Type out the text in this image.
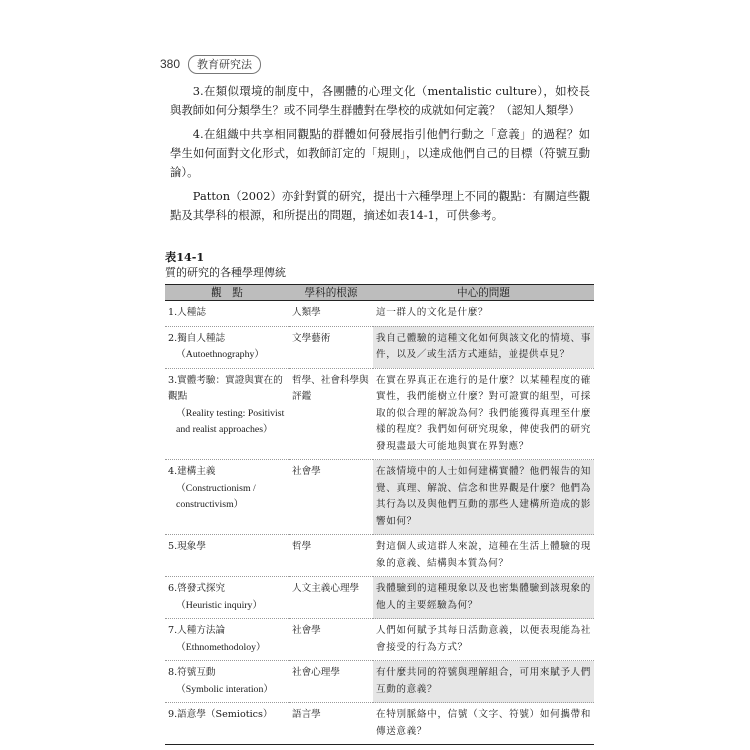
380	教育研究法

3.在類似環境的制度中，各團體的心理文化（mentalistic culture），如校長與教師如何分類學生？或不同學生群體對在學校的成就如何定義？（認知人類學）

4.在組織中共享相同觀點的群體如何發展指引他們行動之「意義」的過程？如學生如何面對文化形式，如教師訂定的「規則」，以達成他們自己的目標（符號互動論）。

Patton（2002）亦針對質的研究，提出十六種學理上不同的觀點：有關這些觀點及其學科的根源，和所提出的問題，摘述如表14-1，可供參考。

表14-1
質的研究的各種學理傳統
觀　點	學科的根源	中心的問題
1.人種誌	人類學	這一群人的文化是什麼？
2.獨自人種誌
（Autoethnography）	文學藝術	我自己體驗的這種文化如何與該文化的情境、事件，以及／或生活方式連結，並提供卓見？
3.實體考驗：實證與實在的觀點
（Reality testing: Positivist and realist approaches）	哲學、社會科學與評鑑	在實在界真正在進行的是什麼？以某種程度的確實性，我們能樹立什麼？對可證實的組型，可採取的似合理的解說為何？我們能獲得真理至什麼樣的程度？我們如何研究現象，俾使我們的研究發現盡最大可能地與實在界對應？
4.建構主義
（Constructionism / constructivism）	社會學	在該情境中的人士如何建構實體？他們報告的知覺、真理、解說、信念和世界觀是什麼？他們為其行為以及與他們互動的那些人建構所造成的影響如何？
5.現象學	哲學	對這個人或這群人來說，這種在生活上體驗的現象的意義、結構與本質為何？
6.啓發式探究
（Heuristic inquiry）	人文主義心理學	我體驗到的這種現象以及也密集體驗到該現象的他人的主要經驗為何？
7.人種方法論
（Ethnomethodoloy）	社會學	人們如何賦予其每日活動意義，以便表現能為社會接受的行為方式？
8.符號互動
（Symbolic interation）	社會心理學	有什麼共同的符號與理解組合，可用來賦予人們互動的意義？
9.語意學（Semiotics）	語言學	在特別脈絡中，信號（文字、符號）如何攜帶和傳送意義？
